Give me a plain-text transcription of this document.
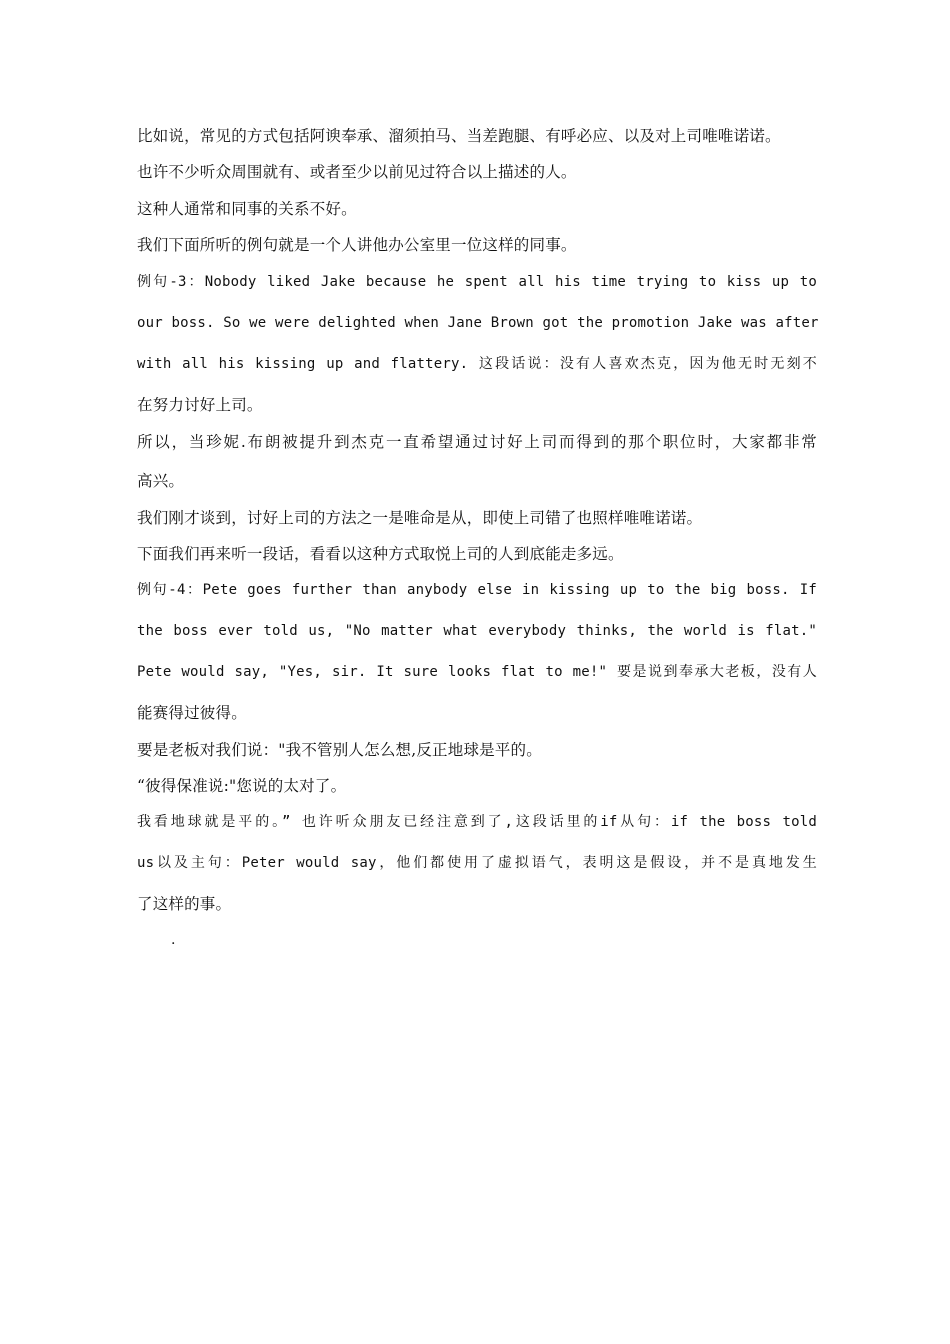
比如说，常见的方式包括阿谀奉承、溜须拍马、当差跑腿、有呼必应、以及对上司唯唯诺诺。
也许不少听众周围就有、或者至少以前见过符合以上描述的人。
这种人通常和同事的关系不好。
我们下面所听的例句就是一个人讲他办公室里一位这样的同事。
例句-3：Nobody liked Jake because he spent all his time trying to kiss up to
our boss. So we were delighted when Jane Brown got the promotion Jake was after
with all his kissing up and flattery. 这段话说：没有人喜欢杰克，因为他无时无刻不
在努力讨好上司。
所以，当珍妮.布朗被提升到杰克一直希望通过讨好上司而得到的那个职位时，大家都非常
高兴。
我们刚才谈到，讨好上司的方法之一是唯命是从，即使上司错了也照样唯唯诺诺。
下面我们再来听一段话，看看以这种方式取悦上司的人到底能走多远。
例句-4：Pete goes further than anybody else in kissing up to the big boss. If
the boss ever told us, "No matter what everybody thinks, the world is flat."
Pete would say, "Yes, sir. It sure looks flat to me!" 要是说到奉承大老板，没有人
能赛得过彼得。
要是老板对我们说："我不管别人怎么想,反正地球是平的。
“彼得保准说:"您说的太对了。
我看地球就是平的。” 也许听众朋友已经注意到了,这段话里的if从句：if the boss told
us以及主句：Peter would say，他们都使用了虚拟语气，表明这是假设，并不是真地发生
了这样的事。
.
